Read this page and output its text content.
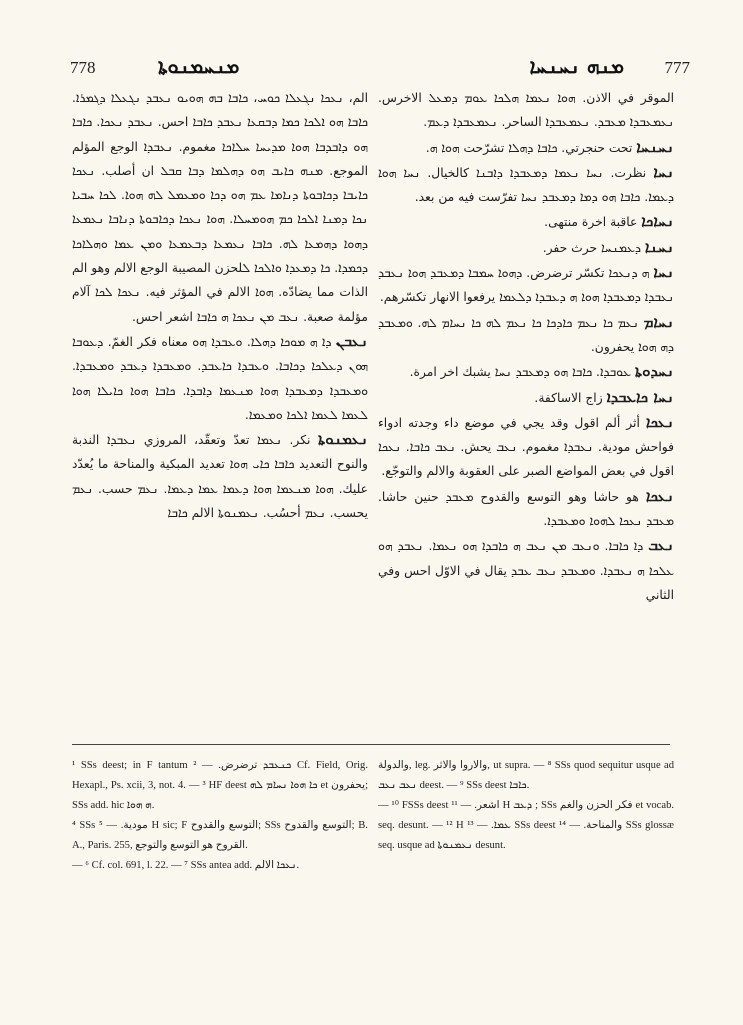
778	ܡܢܚܡܢܘܬܐ	ܡܢܗ ܢܚܢܚܐ 777
الم، ܢܥܟܐ ܢܓܥܠܐ ܟܘܚ، ܟܐܒܐ ܒܗ ܗܘܝܘ ܢܥܒܕ ܢܓܥܠܐ ܕܓܡܪܐ. ܟܐܒܐ ܗܘ ܐܠܟܐ ܟܡܐ ܕܒܩܥܐ ܢܥܒܕ ܟܐܒܐ احس. ܢܥܒܕ ܢܥܟܐ. ܟܐܒܐ ܗܘ ܕܐܒܕܒܐ ܗܘܐ ܡܕܝܚܐ ܚܠܐܟܐ مغموم. ܢܥܒܕܐ الوجع المؤلم الموجع. ܡܢܗ ܟܐܝܒ ܗܘ ܕܗܠܡܐ ܕܒܐ ܩܒܠ ان أصلب. ܢܥܟܐ ܟܐܝܒܐ ܕܟܐܒܘܬܐ ܕܢܐܡܐ ܥܡ ܗܘ ܕܟܐ ܘܡܥܡܠ ܠܗ ܗܘܐ. ܠܟܐ ܚܒܝܐ ܢܟܐ ܕܡܢܐ ܐܠܟܐ ܟܡ ܗܘܡܚܠܐ. ܗܘܐ ܢܥܟܐ ܕܟܐܒܘܬܐ ܕܢܐܒܐ ܢܥܡܥܐ ܕܗܘܐ ܕܗܡܥܐ ܠܗ. ܟܐܒܐ ܢܥܡܥܐ ܕܒܥܡܥܐ ܘܡܢ ܥܡܐ ܘܗܠܐܟܐ ܕܟܡܕܐ. ܟܐ ܕܡܥܕܐ ܘܐܠܟܐ ܠلحزن المصيبة الوجع الالم وهو الم الذات مما يضادّه. ܗܘܐ الالم في المؤثر فيه. ܢܥܟܐ ܠܟܐ آلام مؤلمة صعبة. ܢܥܒ ܡܢ ܢܥܟܐ ܗ ܟܐܒܐ اشعر احس.
ܢܥܒܢ ܕܐ ܗ ܡܘܟܐ ܕܗܠܐ. ܘܥܒܕܐ ܗܘ معناه فكر الغمّ. ܕܥܘܒܐ ܗܘܢ ܕܥܠܟܐ ܕܟܐܒܐ. ܘܥܒܕܐ ܟܐܥܒܕ. ܘܡܥܒܕܐ ܕܥܒܕ ܘܡܥܒܕܐ. ܘܡܥܒܕܐ ܕܡܥܒܕܐ ܗܘܐ ܡܢܥܡܐ ܕܐܒܕܐ. ܟܐܒܐ ܗܘܐ ܟܐܝܠܐ ܗܘܐ ܠܥܡܐ ܠܥܡܐ ܐܠܟܐ ܘܡܥܡܐ.
ܢܥܡܢܘܬܐ نكر. ܢܥܡܐ تعدّ وتعقّد، المروزي ܢܥܒܕܐ الندبة والنوح التعديد ܟܐܒܐ ܟܐܝ ܗܘܐ تعديد المبكية والمناحة ما يُعدّد عليك. ܗܘܐ ܡܢܥܡܐ ܗܘܐ ܕܥܡܐ ܥܡܐ ܕܥܡܐ. ܢܥܡ حسب. ܢܥܡ يحسب. ܢܥܡ أحسُب. ܢܥܡܢܘܬܐ الالم ܟܐܒܐ
الموقر في الاذن. ܗܘܐ ܢܥܡܐ ܗܠܟܐ ܥܘܡ ܕܡܥܠ الاخرس. ܢܥܡܥܒܕܐ ܡܥܒܕ. ܢܥܡܥܒܕܐ الساحر. ܢܥܡܥܒܕܐ ܕܥܡ.
ܢܚܢܚܐ تحت حنجرتي. ܟܐܒܐ ܕܗܠܐ تشرّحت ܗܘܐ ܗ.
ܢܚܐ نظرت. ܢܚܐ ܢܥܡܐ ܕܡܥܒܕܐ ܕܐܒܢܐ كالخيال. ܢܚܐ ܗܘܐ ܕܥܡܐ. ܟܐܒܐ ܗܘ ܕܡܐ ܕܡܥܒܕ ܢܚܐ تفرّست فيه من بعد.
ܢܚܐܟܐ عاقبة اخرة منتهى.
ܢܚܢܐ ܕܥܡܢܚܐ حرث حفر.
ܢܚܐ ܗ ܕܢܥܟܐ تكسّر ترضرض. ܕܗܘܐ ܚܡܒܐ ܕܡܥܒܕ ܗܘܐ ܢܥܒܕ ܢܥܒܕܐ ܕܡܥܒܕܐ ܗܘܐ ܗ ܕܥܒܕܐ ܕܠܥܡܐ يرفعوا الانهار تكسّرهم.
ܢܚܐܡ ܢܥܡ ܟܐ ܢܥܡ ܟܐܕܟܐ ܟܐ ܢܥܡ ܠܗ ܟܐ ܢܚܐܡ ܠܗ. ܘܡܥܒܕ ܕܗ ܗܘܐ يحفرون.
ܢܚܕܘܬܐ ܥܘܒܕܐ. ܟܐܒܐ ܗܘ ܕܡܥܒܕ ܢܚܐ يشبك اخر امرة.
ܢܚܐ ܟܐܥܒܕܐ زاج الاساكفة.
ܢܥܟܐ أثر ألم اقول وقد يجي في موضع داء وجدته ادواء فواحش مودية. ܢܥܒܕܐ مغموم. ܢܥܒ يحش. ܢܥܒ ܟܐܒܐ. ܢܥܟܐ اقول في بعض المواضع الصبر على العقوبة والالم والتوجّع.
ܢܥܟܐ هو حاشا وهو التوسع والقدوح ܡܥܒܕ حنين حاشا. ܡܥܒܕ ܢܥܟܐ ܠܗܘܐ ܘܡܥܒܕܐ.
ܢܥܒ ܕܐ ܟܐܒܐ. ܘܢܥܒ ܡܢ ܢܥܒ ܗ ܟܐܒܕܐ ܗܘ ܢܥܡܐ. ܢܥܒܕ ܗܘ ܥܠܟܐ ܗ ܢܥܒܕܐ. ܘܡܥܒܕ ܢܥܒ ܥܒܕ يقال في الاوّل احس وفي الثاني
¹ SSs deest; in F tantum ܟܢܥܒܕ ترضرض. — ² Cf. Field, Orig. Hexapl., Ps. xcii, 3, not. 4. — ³ HF deest ܟܐ ܗܘܐ ܢܚܐܡ ܠܗ et يحفرون; SSs add. hic ܗ ܗܘܐ.
⁴ SSs مودية. — ⁵ H sic; F التوسع والقدوح; SSs التوسع والقدوح; B. A., Paris. 255, القروح هو التوسع والتوجع.
— ⁶ Cf. col. 691, l. 22. — ⁷ SSs antea add. ܢܥܟܐ الالم.
والدولة, leg. والاروا والاثر, ut supra. — ⁸ SSs quod sequitur usque ad ܢܥܒ ܢܥܒ deest. — ⁹ SSs deest ܟܐܒܐ.
— ¹⁰ FSSs deest اشعر. — ¹¹ H ܕܥܒ ; SSs فكر الحزن والغم et vocab. seq. desunt. — ¹² H ܥܡܐ. — ¹³ SSs deest والمناحة. — ¹⁴ SSs glossæ seq. usque ad ܢܥܡܢܘܬܐ desunt.
